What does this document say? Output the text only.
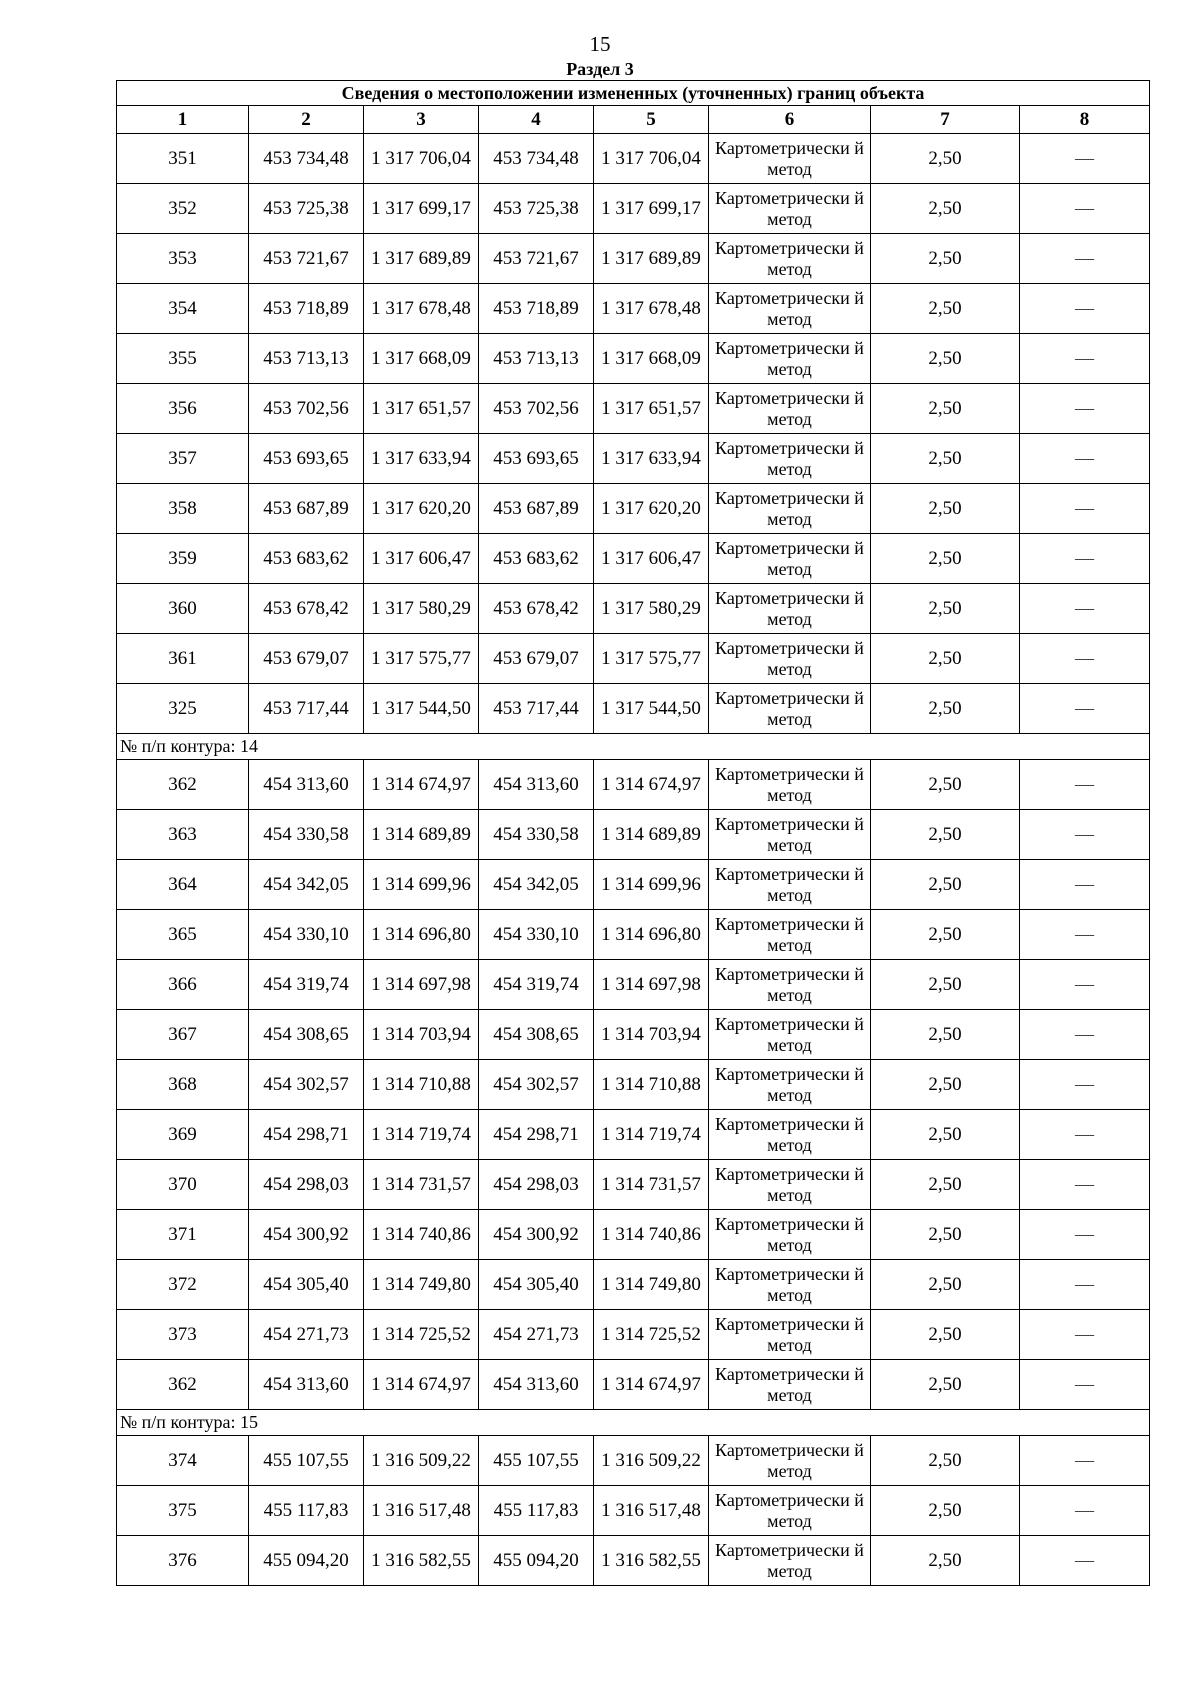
15
Раздел 3
Сведения о местоположении измененных (уточненных) границ объекта							
1	2	3	4	5	6	7	8
351	453 734,48	1 317 706,04	453 734,48	1 317 706,04	Картометрически й метод	2,50	—
352	453 725,38	1 317 699,17	453 725,38	1 317 699,17	Картометрически й метод	2,50	—
353	453 721,67	1 317 689,89	453 721,67	1 317 689,89	Картометрически й метод	2,50	—
354	453 718,89	1 317 678,48	453 718,89	1 317 678,48	Картометрически й метод	2,50	—
355	453 713,13	1 317 668,09	453 713,13	1 317 668,09	Картометрически й метод	2,50	—
356	453 702,56	1 317 651,57	453 702,56	1 317 651,57	Картометрически й метод	2,50	—
357	453 693,65	1 317 633,94	453 693,65	1 317 633,94	Картометрически й метод	2,50	—
358	453 687,89	1 317 620,20	453 687,89	1 317 620,20	Картометрически й метод	2,50	—
359	453 683,62	1 317 606,47	453 683,62	1 317 606,47	Картометрически й метод	2,50	—
360	453 678,42	1 317 580,29	453 678,42	1 317 580,29	Картометрически й метод	2,50	—
361	453 679,07	1 317 575,77	453 679,07	1 317 575,77	Картометрически й метод	2,50	—
325	453 717,44	1 317 544,50	453 717,44	1 317 544,50	Картометрически й метод	2,50	—
№ п/п контура: 14							
362	454 313,60	1 314 674,97	454 313,60	1 314 674,97	Картометрически й метод	2,50	—
363	454 330,58	1 314 689,89	454 330,58	1 314 689,89	Картометрически й метод	2,50	—
364	454 342,05	1 314 699,96	454 342,05	1 314 699,96	Картометрически й метод	2,50	—
365	454 330,10	1 314 696,80	454 330,10	1 314 696,80	Картометрически й метод	2,50	—
366	454 319,74	1 314 697,98	454 319,74	1 314 697,98	Картометрически й метод	2,50	—
367	454 308,65	1 314 703,94	454 308,65	1 314 703,94	Картометрически й метод	2,50	—
368	454 302,57	1 314 710,88	454 302,57	1 314 710,88	Картометрически й метод	2,50	—
369	454 298,71	1 314 719,74	454 298,71	1 314 719,74	Картометрически й метод	2,50	—
370	454 298,03	1 314 731,57	454 298,03	1 314 731,57	Картометрически й метод	2,50	—
371	454 300,92	1 314 740,86	454 300,92	1 314 740,86	Картометрически й метод	2,50	—
372	454 305,40	1 314 749,80	454 305,40	1 314 749,80	Картометрически й метод	2,50	—
373	454 271,73	1 314 725,52	454 271,73	1 314 725,52	Картометрически й метод	2,50	—
362	454 313,60	1 314 674,97	454 313,60	1 314 674,97	Картометрически й метод	2,50	—
№ п/п контура: 15							
374	455 107,55	1 316 509,22	455 107,55	1 316 509,22	Картометрически й метод	2,50	—
375	455 117,83	1 316 517,48	455 117,83	1 316 517,48	Картометрически й метод	2,50	—
376	455 094,20	1 316 582,55	455 094,20	1 316 582,55	Картометрически й метод	2,50	—
